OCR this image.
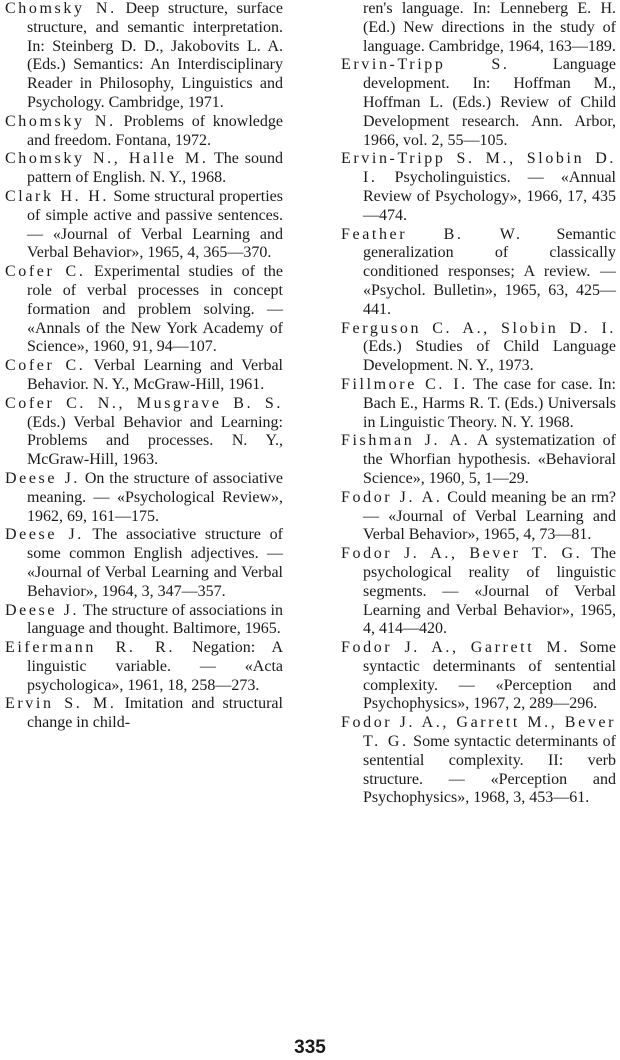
Chomsky N. Deep structure, surface structure, and semantic interpretation. In: Steinberg D. D., Jakobovits L. A. (Eds.) Semantics: An Interdisciplinary Reader in Philosophy, Linguistics and Psychology. Cambridge, 1971.

Chomsky N. Problems of knowledge and freedom. Fontana, 1972.

Chomsky N., Halle M. The sound pattern of English. N. Y., 1968.

Clark H. H. Some structural properties of simple active and passive sentences. — «Journal of Verbal Learning and Verbal Behavior», 1965, 4, 365—370.

Cofer C. Experimental studies of the role of verbal processes in concept formation and problem solving. — «Annals of the New York Academy of Science», 1960, 91, 94—107.

Cofer C. Verbal Learning and Verbal Behavior. N. Y., McGraw-Hill, 1961.

Cofer C. N., Musgrave B. S. (Eds.) Verbal Behavior and Learning: Problems and processes. N. Y., McGraw-Hill, 1963.

Deese J. On the structure of associative meaning. — «Psychological Review», 1962, 69, 161—175.

Deese J. The associative structure of some common English adjectives. — «Journal of Verbal Learning and Verbal Behavior», 1964, 3, 347—357.

Deese J. The structure of associations in language and thought. Baltimore, 1965.

Eifermann R. R. Negation: A linguistic variable. — «Acta psychologica», 1961, 18, 258—273.

Ervin S. M. Imitation and structural change in child-

ren's language. In: Lenneberg E. H. (Ed.) New directions in the study of language. Cambridge, 1964, 163—189.

Ervin-Tripp S. Language development. In: Hoffman M., Hoffman L. (Eds.) Review of Child Development research. Ann. Arbor, 1966, vol. 2, 55—105.

Ervin-Tripp S. M., Slobin D. I. Psycholinguistics. — «Annual Review of Psychology», 1966, 17, 435—474.

Feather B. W. Semantic generalization of classically conditioned responses; A review. — «Psychol. Bulletin», 1965, 63, 425—441.

Ferguson C. A., Slobin D. I. (Eds.) Studies of Child Language Development. N. Y., 1973.

Fillmore C. I. The case for case. In: Bach E., Harms R. T. (Eds.) Universals in Linguistic Theory. N. Y. 1968.

Fishman J. A. A systematization of the Whorfian hypothesis. «Behavioral Science», 1960, 5, 1—29.

Fodor J. A. Could meaning be an rm? — «Journal of Verbal Learning and Verbal Behavior», 1965, 4, 73—81.

Fodor J. A., Bever T. G. The psychological reality of linguistic segments. — «Journal of Verbal Learning and Verbal Behavior», 1965, 4, 414—420.

Fodor J. A., Garrett M. Some syntactic determinants of sentential complexity. — «Perception and Psychophysics», 1967, 2, 289—296.

Fodor J. A., Garrett M., Bever T. G. Some syntactic determinants of sentential complexity. II: verb structure. — «Perception and Psychophysics», 1968, 3, 453—61.

335
